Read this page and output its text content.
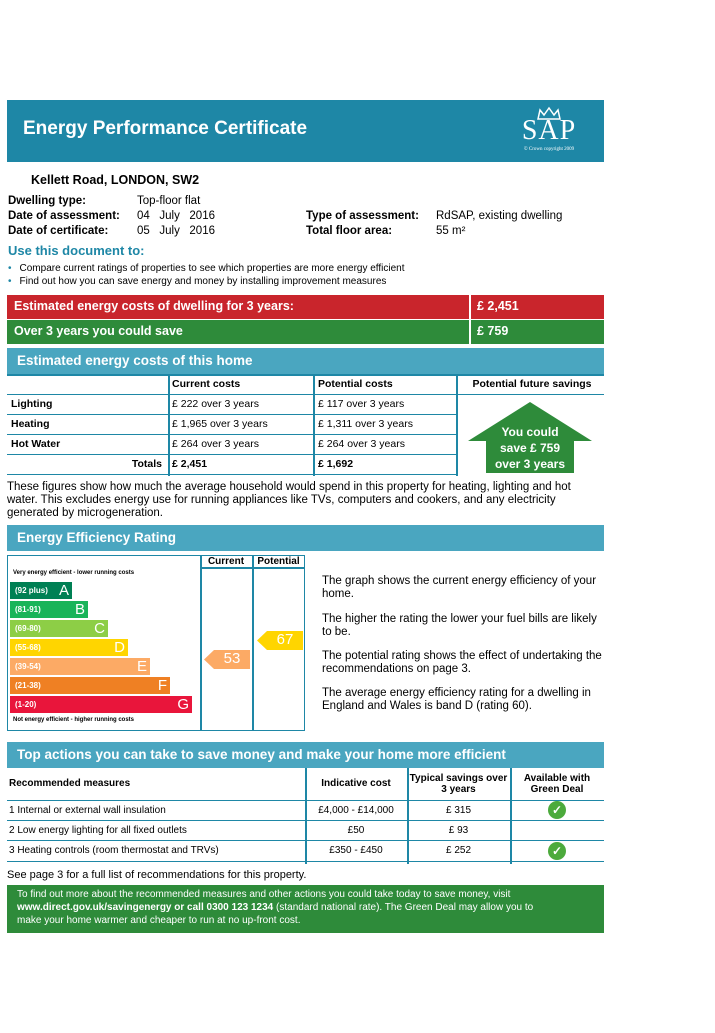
Energy Performance Certificate	SAP
© Crown copyright 2009
Kellett Road, LONDON, SW2
Dwelling type:	Top-floor flat
Date of assessment: 04   July   2016
Date of certificate: 05   July   2016
Type of assessment: RdSAP, existing dwelling
Total floor area:	55 m²
Use this document to:
• Compare current ratings of properties to see which properties are more energy efficient
• Find out how you can save energy and money by installing improvement measures
Estimated energy costs of dwelling for 3 years:	£ 2,451
Over 3 years you could save	£ 759
Estimated energy costs of this home
	Current costs	Potential costs	Potential future savings
Lighting	£ 222 over 3 years	£ 117 over 3 years	
Heating	£ 1,965 over 3 years	£ 1,311 over 3 years	
Hot Water	£ 264 over 3 years	£ 264 over 3 years	
Totals	£ 2,451	£ 1,692	
You could
save £ 759
over 3 years
These figures show how much the average household would spend in this property for heating, lighting and hot water. This excludes energy use for running appliances like TVs, computers and cookers, and any electricity generated by microgeneration.
Energy Efficiency Rating
Current	Potential
Very energy efficient - lower running costs
(92 plus) A
(81-91) B
(69-80)	C
(55-68)	D
(39-54)	E
(21-38)	F
(1-20)	G
Not energy efficient - higher running costs
53
67
The graph shows the current energy efficiency of your home.
The higher the rating the lower your fuel bills are likely to be.
The potential rating shows the effect of undertaking the recommendations on page 3.
The average energy efficiency rating for a dwelling in England and Wales is band D (rating 60).
Top actions you can take to save money and make your home more efficient
Recommended measures	Indicative cost	Typical savings over 3 years	Available with Green Deal
1 Internal or external wall insulation	£4,000 - £14,000	£ 315	✓
2 Low energy lighting for all fixed outlets	£50	£ 93	
3 Heating controls (room thermostat and TRVs)	£350 - £450	£ 252	✓
See page 3 for a full list of recommendations for this property.
To find out more about the recommended measures and other actions you could take today to save money, visit
www.direct.gov.uk/savingenergy or call 0300 123 1234 (standard national rate). The Green Deal may allow you to
make your home warmer and cheaper to run at no up-front cost.
